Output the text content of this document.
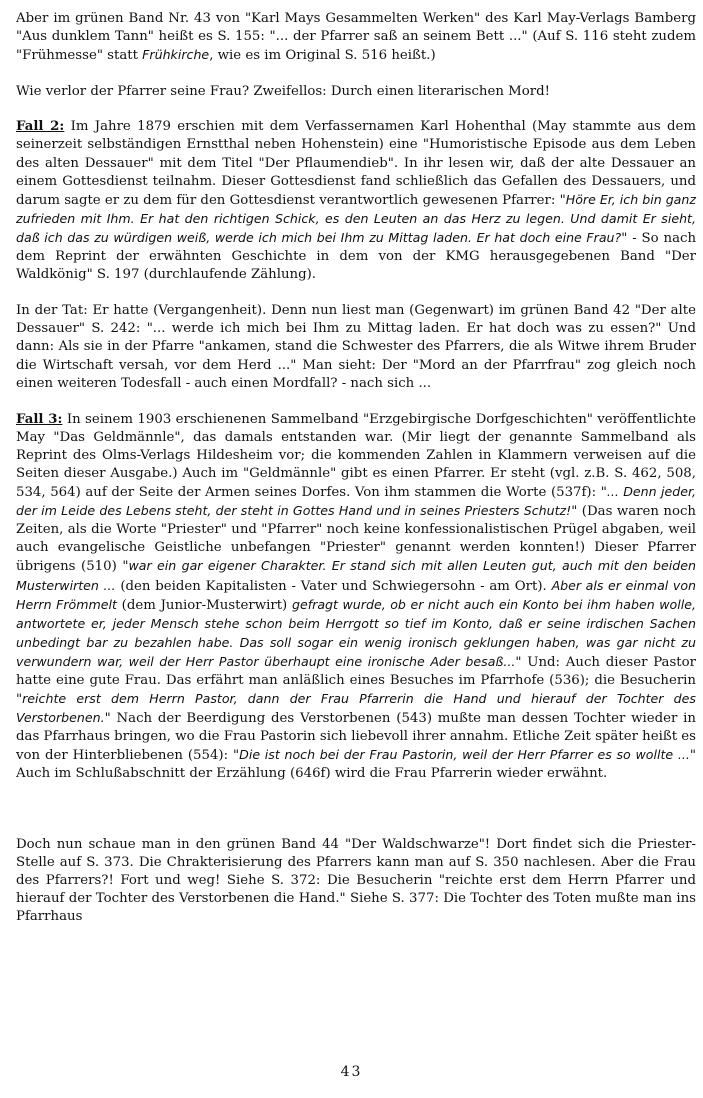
Aber im grünen Band Nr. 43 von "Karl Mays Gesammelten Werken" des Karl May-Verlags Bamberg "Aus dunklem Tann" heißt es S. 155: "... der Pfarrer saß an seinem Bett ..." (Auf S. 116 steht zudem "Frühmesse" statt Frühkirche, wie es im Original S. 516 heißt.)

Wie verlor der Pfarrer seine Frau? Zweifellos: Durch einen literarischen Mord!

Fall 2: Im Jahre 1879 erschien mit dem Verfassernamen Karl Hohenthal (May stammte aus dem seinerzeit selbständigen Ernstthal neben Hohenstein) eine "Humoristische Episode aus dem Leben des alten Dessauer" mit dem Titel "Der Pflaumendieb". In ihr lesen wir, daß der alte Dessauer an einem Gottesdienst teilnahm. Dieser Gottesdienst fand schließlich das Gefallen des Dessauers, und darum sagte er zu dem für den Gottesdienst verantwortlich gewesenen Pfarrer: "Höre Er, ich bin ganz zufrieden mit Ihm. Er hat den richtigen Schick, es den Leuten an das Herz zu legen. Und damit Er sieht, daß ich das zu würdigen weiß, werde ich mich bei Ihm zu Mittag laden. Er hat doch eine Frau?" - So nach dem Reprint der erwähnten Geschichte in dem von der KMG herausgegebenen Band "Der Waldkönig" S. 197 (durchlaufende Zählung).

In der Tat: Er hatte (Vergangenheit). Denn nun liest man (Gegenwart) im grünen Band 42 "Der alte Dessauer" S. 242: "... werde ich mich bei Ihm zu Mittag laden. Er hat doch was zu essen?" Und dann: Als sie in der Pfarre "ankamen, stand die Schwester des Pfarrers, die als Witwe ihrem Bruder die Wirtschaft versah, vor dem Herd ..." Man sieht: Der "Mord an der Pfarrfrau" zog gleich noch einen weiteren Todesfall - auch einen Mordfall? - nach sich ...

Fall 3: In seinem 1903 erschienenen Sammelband "Erzgebirgische Dorfgeschichten" veröffentlichte May "Das Geldmännle", das damals entstanden war. (Mir liegt der genannte Sammelband als Reprint des Olms-Verlags Hildesheim vor; die kommenden Zahlen in Klammern verweisen auf die Seiten dieser Ausgabe.) Auch im "Geldmännle" gibt es einen Pfarrer. Er steht (vgl. z.B. S. 462, 508, 534, 564) auf der Seite der Armen seines Dorfes. Von ihm stammen die Worte (537f): "... Denn jeder, der im Leide des Lebens steht, der steht in Gottes Hand und in seines Priesters Schutz!" (Das waren noch Zeiten, als die Worte "Priester" und "Pfarrer" noch keine konfessionalistischen Prügel abgaben, weil auch evangelische Geistliche unbefangen "Priester" genannt werden konnten!) Dieser Pfarrer übrigens (510) "war ein gar eigener Charakter. Er stand sich mit allen Leuten gut, auch mit den beiden Musterwirten ... (den beiden Kapitalisten - Vater und Schwiegersohn - am Ort). Aber als er einmal von Herrn Frömmelt (dem Junior-Musterwirt) gefragt wurde, ob er nicht auch ein Konto bei ihm haben wolle, antwortete er, jeder Mensch stehe schon beim Herrgott so tief im Konto, daß er seine irdischen Sachen unbedingt bar zu bezahlen habe. Das soll sogar ein wenig ironisch geklungen haben, was gar nicht zu verwundern war, weil der Herr Pastor überhaupt eine ironische Ader besaß..." Und: Auch dieser Pastor hatte eine gute Frau. Das erfährt man anläßlich eines Besuches im Pfarrhofe (536); die Besucherin "reichte erst dem Herrn Pastor, dann der Frau Pfarrerin die Hand und hierauf der Tochter des Verstorbenen." Nach der Beerdigung des Verstorbenen (543) mußte man dessen Tochter wieder in das Pfarrhaus bringen, wo die Frau Pastorin sich liebevoll ihrer annahm. Etliche Zeit später heißt es von der Hinterbliebenen (554): "Die ist noch bei der Frau Pastorin, weil der Herr Pfarrer es so wollte ..." Auch im Schlußabschnitt der Erzählung (646f) wird die Frau Pfarrerin wieder erwähnt.

Doch nun schaue man in den grünen Band 44 "Der Waldschwarze"! Dort findet sich die Priester-Stelle auf S. 373. Die Chrakterisierung des Pfarrers kann man auf S. 350 nachlesen. Aber die Frau des Pfarrers?! Fort und weg! Siehe S. 372: Die Besucherin "reichte erst dem Herrn Pfarrer und hierauf der Tochter des Verstorbenen die Hand." Siehe S. 377: Die Tochter des Toten mußte man ins Pfarrhaus

43
